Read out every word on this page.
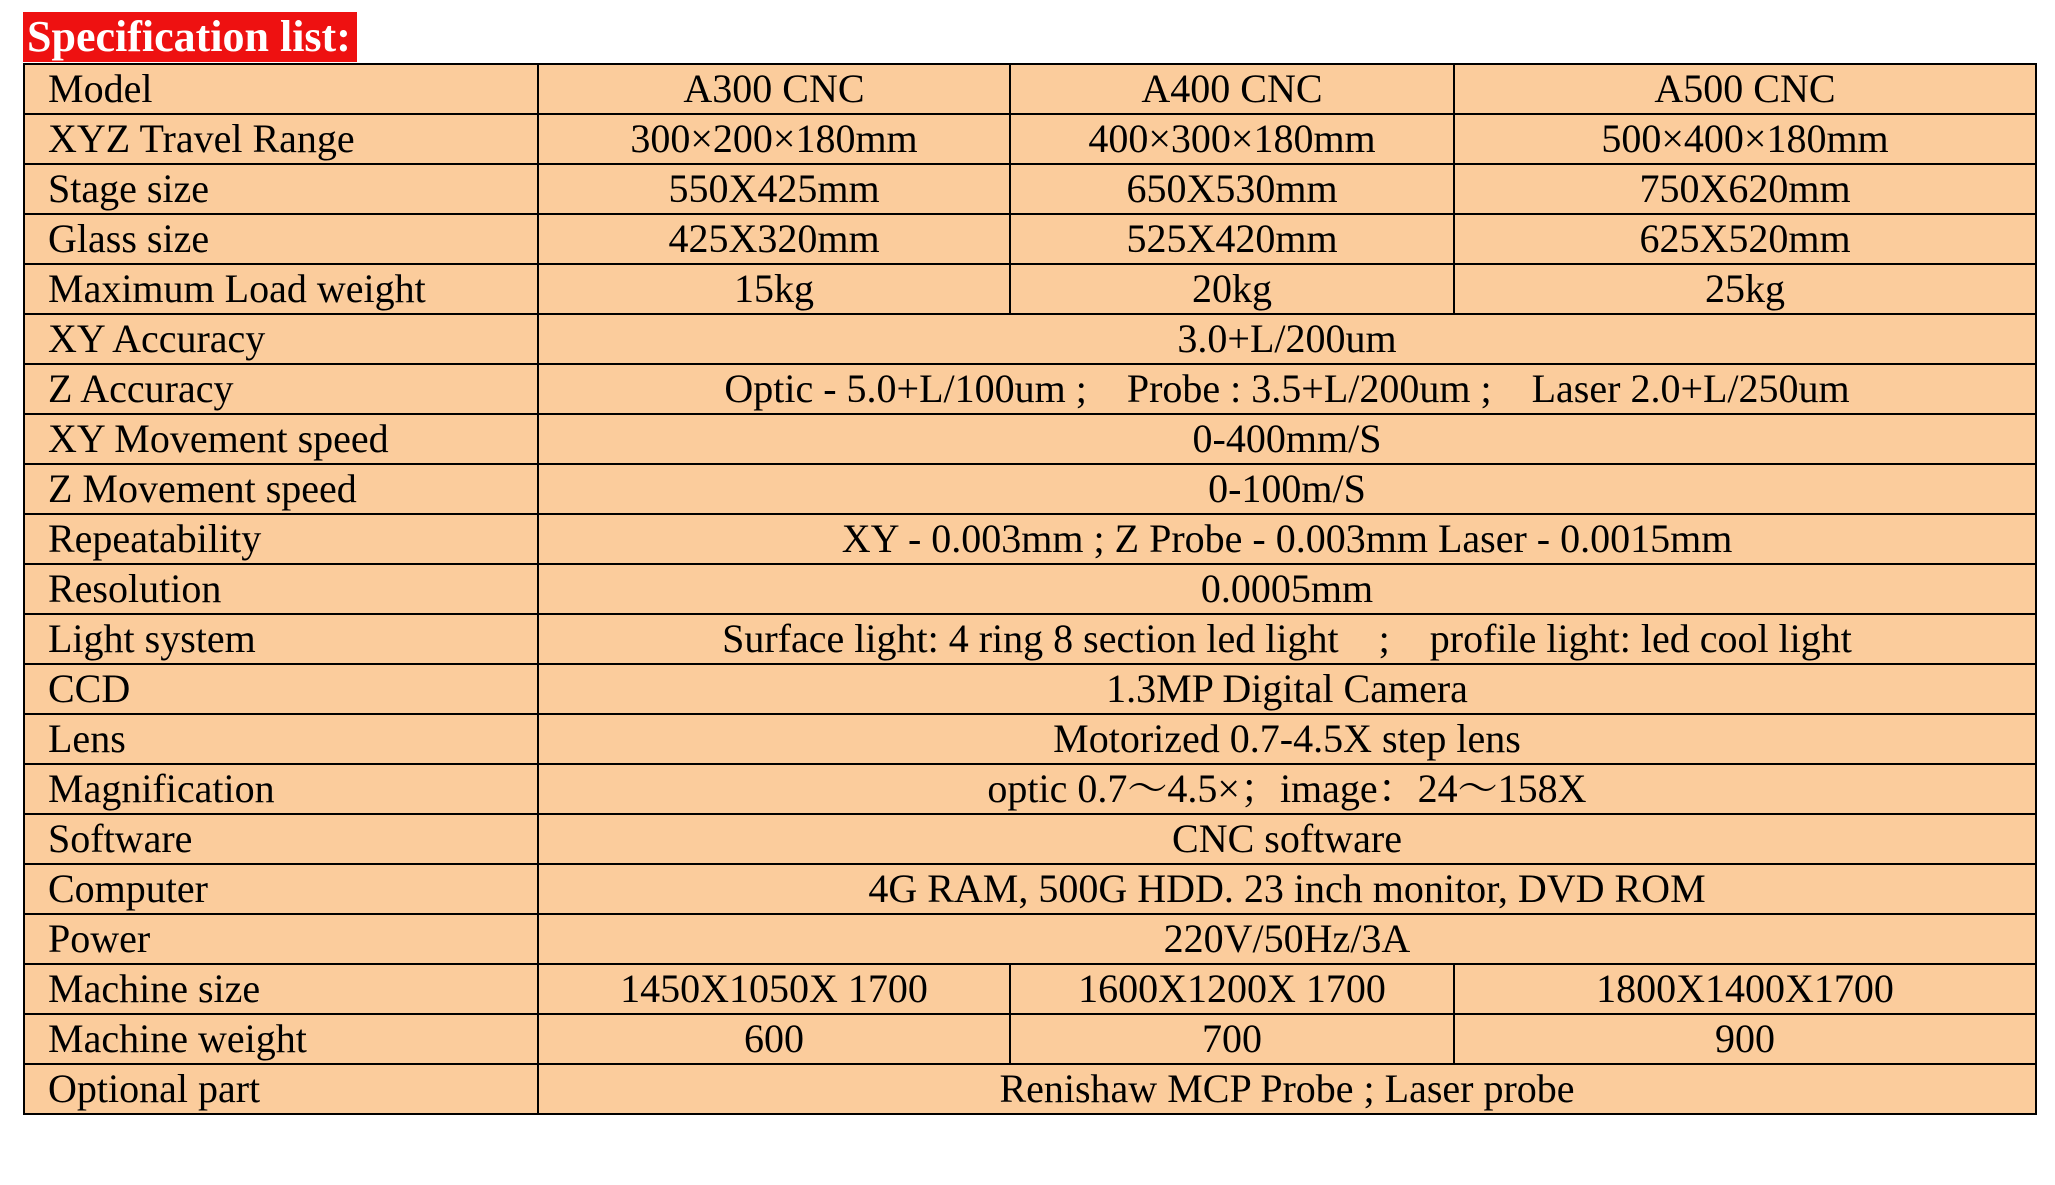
Specification list:
Model	A300 CNC	A400 CNC	A500 CNC
XYZ Travel Range	300×200×180mm	400×300×180mm	500×400×180mm
Stage size	550X425mm	650X530mm	750X620mm
Glass size	425X320mm	525X420mm	625X520mm
Maximum Load weight	15kg	20kg	25kg
XY Accuracy	3.0+L/200um		
Z Accuracy	Optic - 5.0+L/100um ;    Probe : 3.5+L/200um ;    Laser 2.0+L/250um		
XY Movement speed	0-400mm/S		
Z Movement speed	0-100m/S		
Repeatability	XY - 0.003mm ; Z Probe - 0.003mm Laser - 0.0015mm		
Resolution	0.0005mm		
Light system	Surface light: 4 ring 8 section led light    ;    profile light: led cool light		
CCD	1.3MP Digital Camera		
Lens	Motorized 0.7-4.5X step lens		
Magnification	optic 0.7～4.5×；image：24～158X		
Software	CNC software		
Computer	4G RAM, 500G HDD. 23 inch monitor, DVD ROM		
Power	220V/50Hz/3A		
Machine size	1450X1050X 1700	1600X1200X 1700	1800X1400X1700
Machine weight	600	700	900
Optional part	Renishaw MCP Probe ; Laser probe		
